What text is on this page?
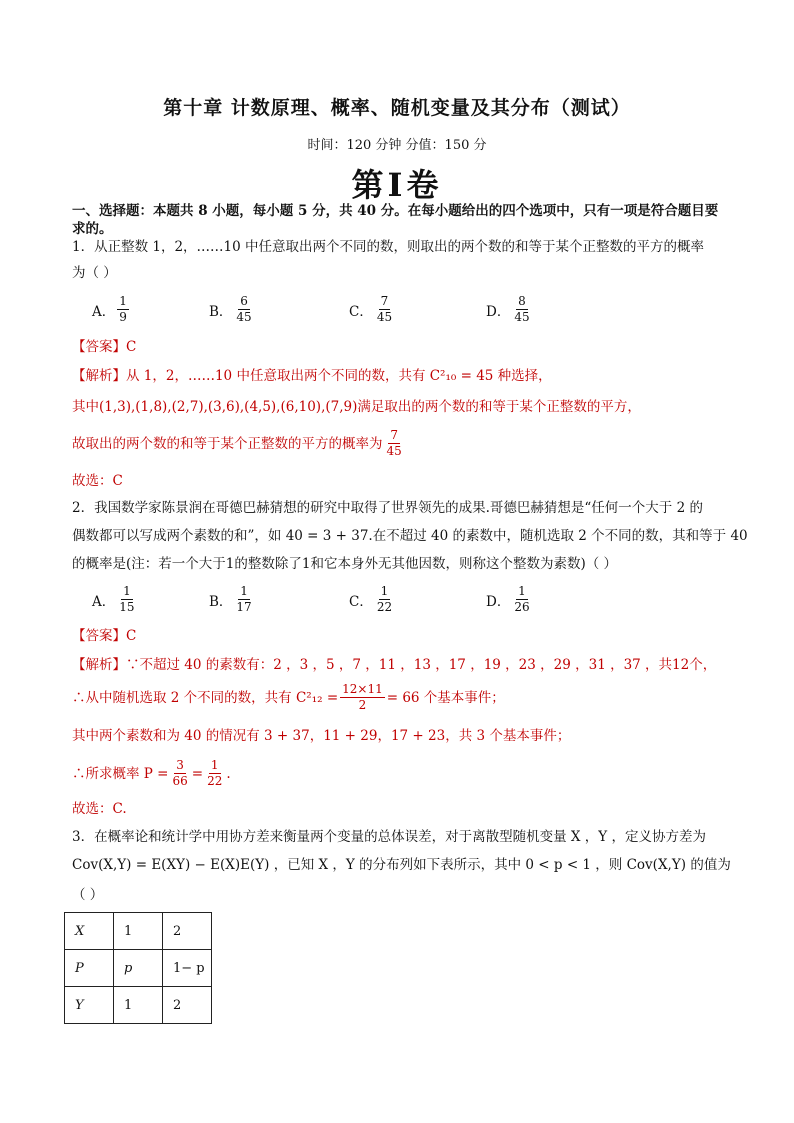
第十章 计数原理、概率、随机变量及其分布（测试）
时间：120 分钟 分值：150 分
第I卷
一、选择题：本题共 8 小题，每小题 5 分，共 40 分。在每小题给出的四个选项中，只有一项是符合题目要
求的。
1．从正整数 1，2，……10 中任意取出两个不同的数，则取出的两个数的和等于某个正整数的平方的概率
为（ ）
A． $\frac{1}{9}$	B． $\frac{6}{45}$	C． $\frac{7}{45}$	D． $\frac{8}{45}$
【答案】C
【解析】从 1，2，……10 中任意取出两个不同的数，共有 C²₁₀ = 45 种选择，
其中(1,3),(1,8),(2,7),(3,6),(4,5),(6,10),(7,9)满足取出的两个数的和等于某个正整数的平方，
故取出的两个数的和等于某个正整数的平方的概率为 $\frac{7}{45}$
故选：C
2．我国数学家陈景润在哥德巴赫猜想的研究中取得了世界领先的成果.哥德巴赫猜想是“任何一个大于 2 的
偶数都可以写成两个素数的和”，如 40 = 3 + 37.在不超过 40 的素数中，随机选取 2 个不同的数，其和等于 40
的概率是(注：若一个大于1的整数除了1和它本身外无其他因数，则称这个整数为素数)（ ）
A． $\frac{1}{15}$	B． $\frac{1}{17}$	C． $\frac{1}{22}$	D． $\frac{1}{26}$
【答案】C
【解析】∵不超过 40 的素数有：2 ，3 ，5 ，7 ，11 ，13 ，17 ，19 ，23 ，29 ，31 ，37 ，共12个，
∴从中随机选取 2 个不同的数，共有 $C^2_{12} = \frac{12\times 11}{2} = 66$ 个基本事件；
其中两个素数和为 40 的情况有 3 + 37，11 + 29，17 + 23，共 3 个基本事件；
∴所求概率 $P = \frac{3}{66} = \frac{1}{22}$ .
故选：C.
3．在概率论和统计学中用协方差来衡量两个变量的总体误差，对于离散型随机变量 X ，Y ，定义协方差为
Cov(X,Y) = E(XY) − E(X)E(Y) ，已知 X ，Y 的分布列如下表所示，其中 0 < p < 1 ，则 Cov(X,Y) 的值为
（ ）
X	1	2
P	p	1− p
Y	1	2
